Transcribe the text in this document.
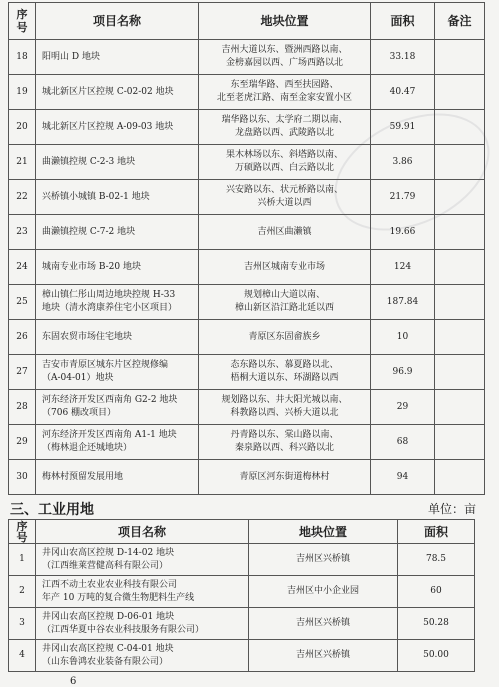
序
号	项目名称	地块位置	面积	备注
18	阳明山 D 地块	吉州大道以东、暨洲西路以南、
金榜嘉园以西、广场西路以北	33.18	
19	城北新区片区控规 C-02-02 地块	东至瑞华路、西至扶园路、
北至老虎江路、南至金家安置小区	40.47	
20	城北新区片区控规 A-09-03 地块	瑞华路以东、太学府二期以南、
龙盘路以西、武陵路以北	59.91	
21	曲濑镇控规 C-2-3 地块	果木林场以东、斜塔路以南、
万硕路以西、白云路以北	3.86	
22	兴桥镇小城镇 B-02-1 地块	兴安路以东、状元桥路以南、
兴桥大道以西	21.79	
23	曲濑镇控规 C-7-2 地块	吉州区曲濑镇	19.66	
24	城南专业市场 B-20 地块	吉州区城南专业市场	124	
25	樟山镇仁彤山周边地块控规 H-33
地块（清水湾康养住宅小区项目）	规划樟山大道以南、
樟山新区沿江路北延以西	187.84	
26	东固农贸市场住宅地块	青原区东固畲族乡	10	
27	吉安市青原区城东片区控规修编
（A-04-01）地块	态东路以东、慕夏路以北、
梧桐大道以东、环湖路以西	96.9	
28	河东经济开发区西南角 G2-2 地块
（706 棚改项目）	规划路以东、井大阳光城以南、
科教路以西、兴桥大道以北	29	
29	河东经济开发区西南角 A1-1 地块
（梅林退企还城地块）	丹青路以东、棠山路以南、
秦泉路以西、科兴路以北	68	
30	梅林村预留发展用地	青原区河东街道梅林村	94	
三、工业用地	单位：亩
序
号	项目名称	地块位置	面积
1	井冈山农高区控规 D-14-02 地块
（江西维莱营健高科有限公司）	吉州区兴桥镇	78.5
2	江西不动土农业农业科技有限公司
年产 10 万吨的复合微生物肥料生产线	吉州区中小企业园	60
3	井冈山农高区控规 D-06-01 地块
（江西华夏中谷农业科技服务有限公司）	吉州区兴桥镇	50.28
4	井冈山农高区控规 C-04-01 地块
（山东鲁鸿农业装备有限公司）	吉州区兴桥镇	50.00
6
